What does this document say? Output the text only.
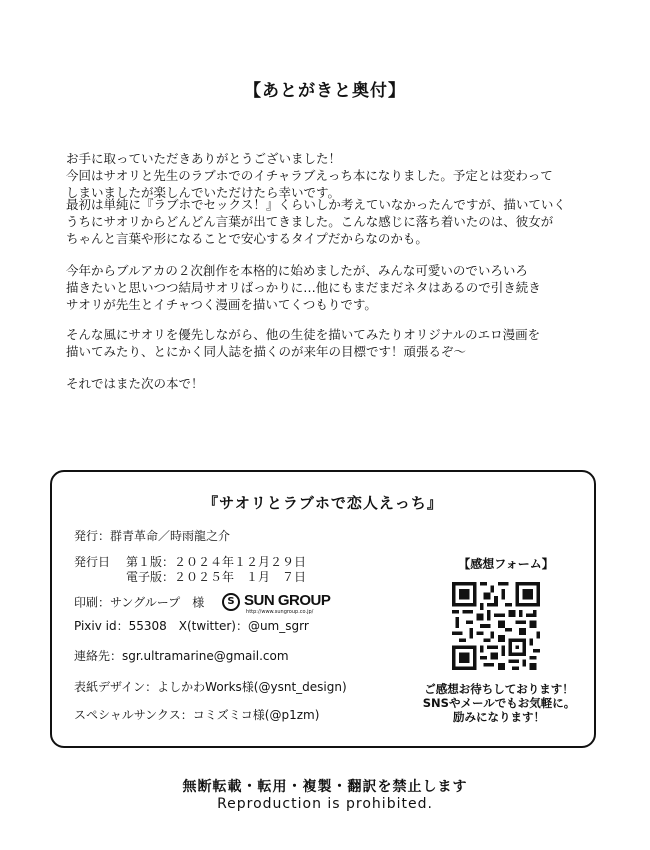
【あとがきと奥付】
お手に取っていただきありがとうございました！
今回はサオリと先生のラブホでのイチャラブえっち本になりました。予定とは変わって
しまいましたが楽しんでいただけたら幸いです。
最初は単純に『ラブホでセックス！』くらいしか考えていなかったんですが、描いていく
うちにサオリからどんどん言葉が出てきました。こんな感じに落ち着いたのは、彼女が
ちゃんと言葉や形になることで安心するタイプだからなのかも。
今年からブルアカの２次創作を本格的に始めましたが、みんな可愛いのでいろいろ
描きたいと思いつつ結局サオリばっかりに…他にもまだまだネタはあるので引き続き
サオリが先生とイチャつく漫画を描いてくつもりです。
そんな風にサオリを優先しながら、他の生徒を描いてみたりオリジナルのエロ漫画を
描いてみたり、とにかく同人誌を描くのが来年の目標です！頑張るぞ〜
それではまた次の本で！
『サオリとラブホで恋人えっち』
発行：群青革命／時雨龍之介
発行日 第１版：２０２４年１２月２９日
電子版：２０２５年　１月　７日
印刷：サングループ　様	S SUN GROUP
http://www.sungroup.co.jp/
Pixiv id：55308　X(twitter)：@um_sgrr
連絡先：sgr.ultramarine@gmail.com
表紙デザイン：よしかわWorks様(@ysnt_design)
スペシャルサンクス：コミズミコ様(@p1zm)
【感想フォーム】
ご感想お待ちしております！
SNSやメールでもお気軽に。
励みになります！
無断転載・転用・複製・翻訳を禁止します
Reproduction is prohibited.
